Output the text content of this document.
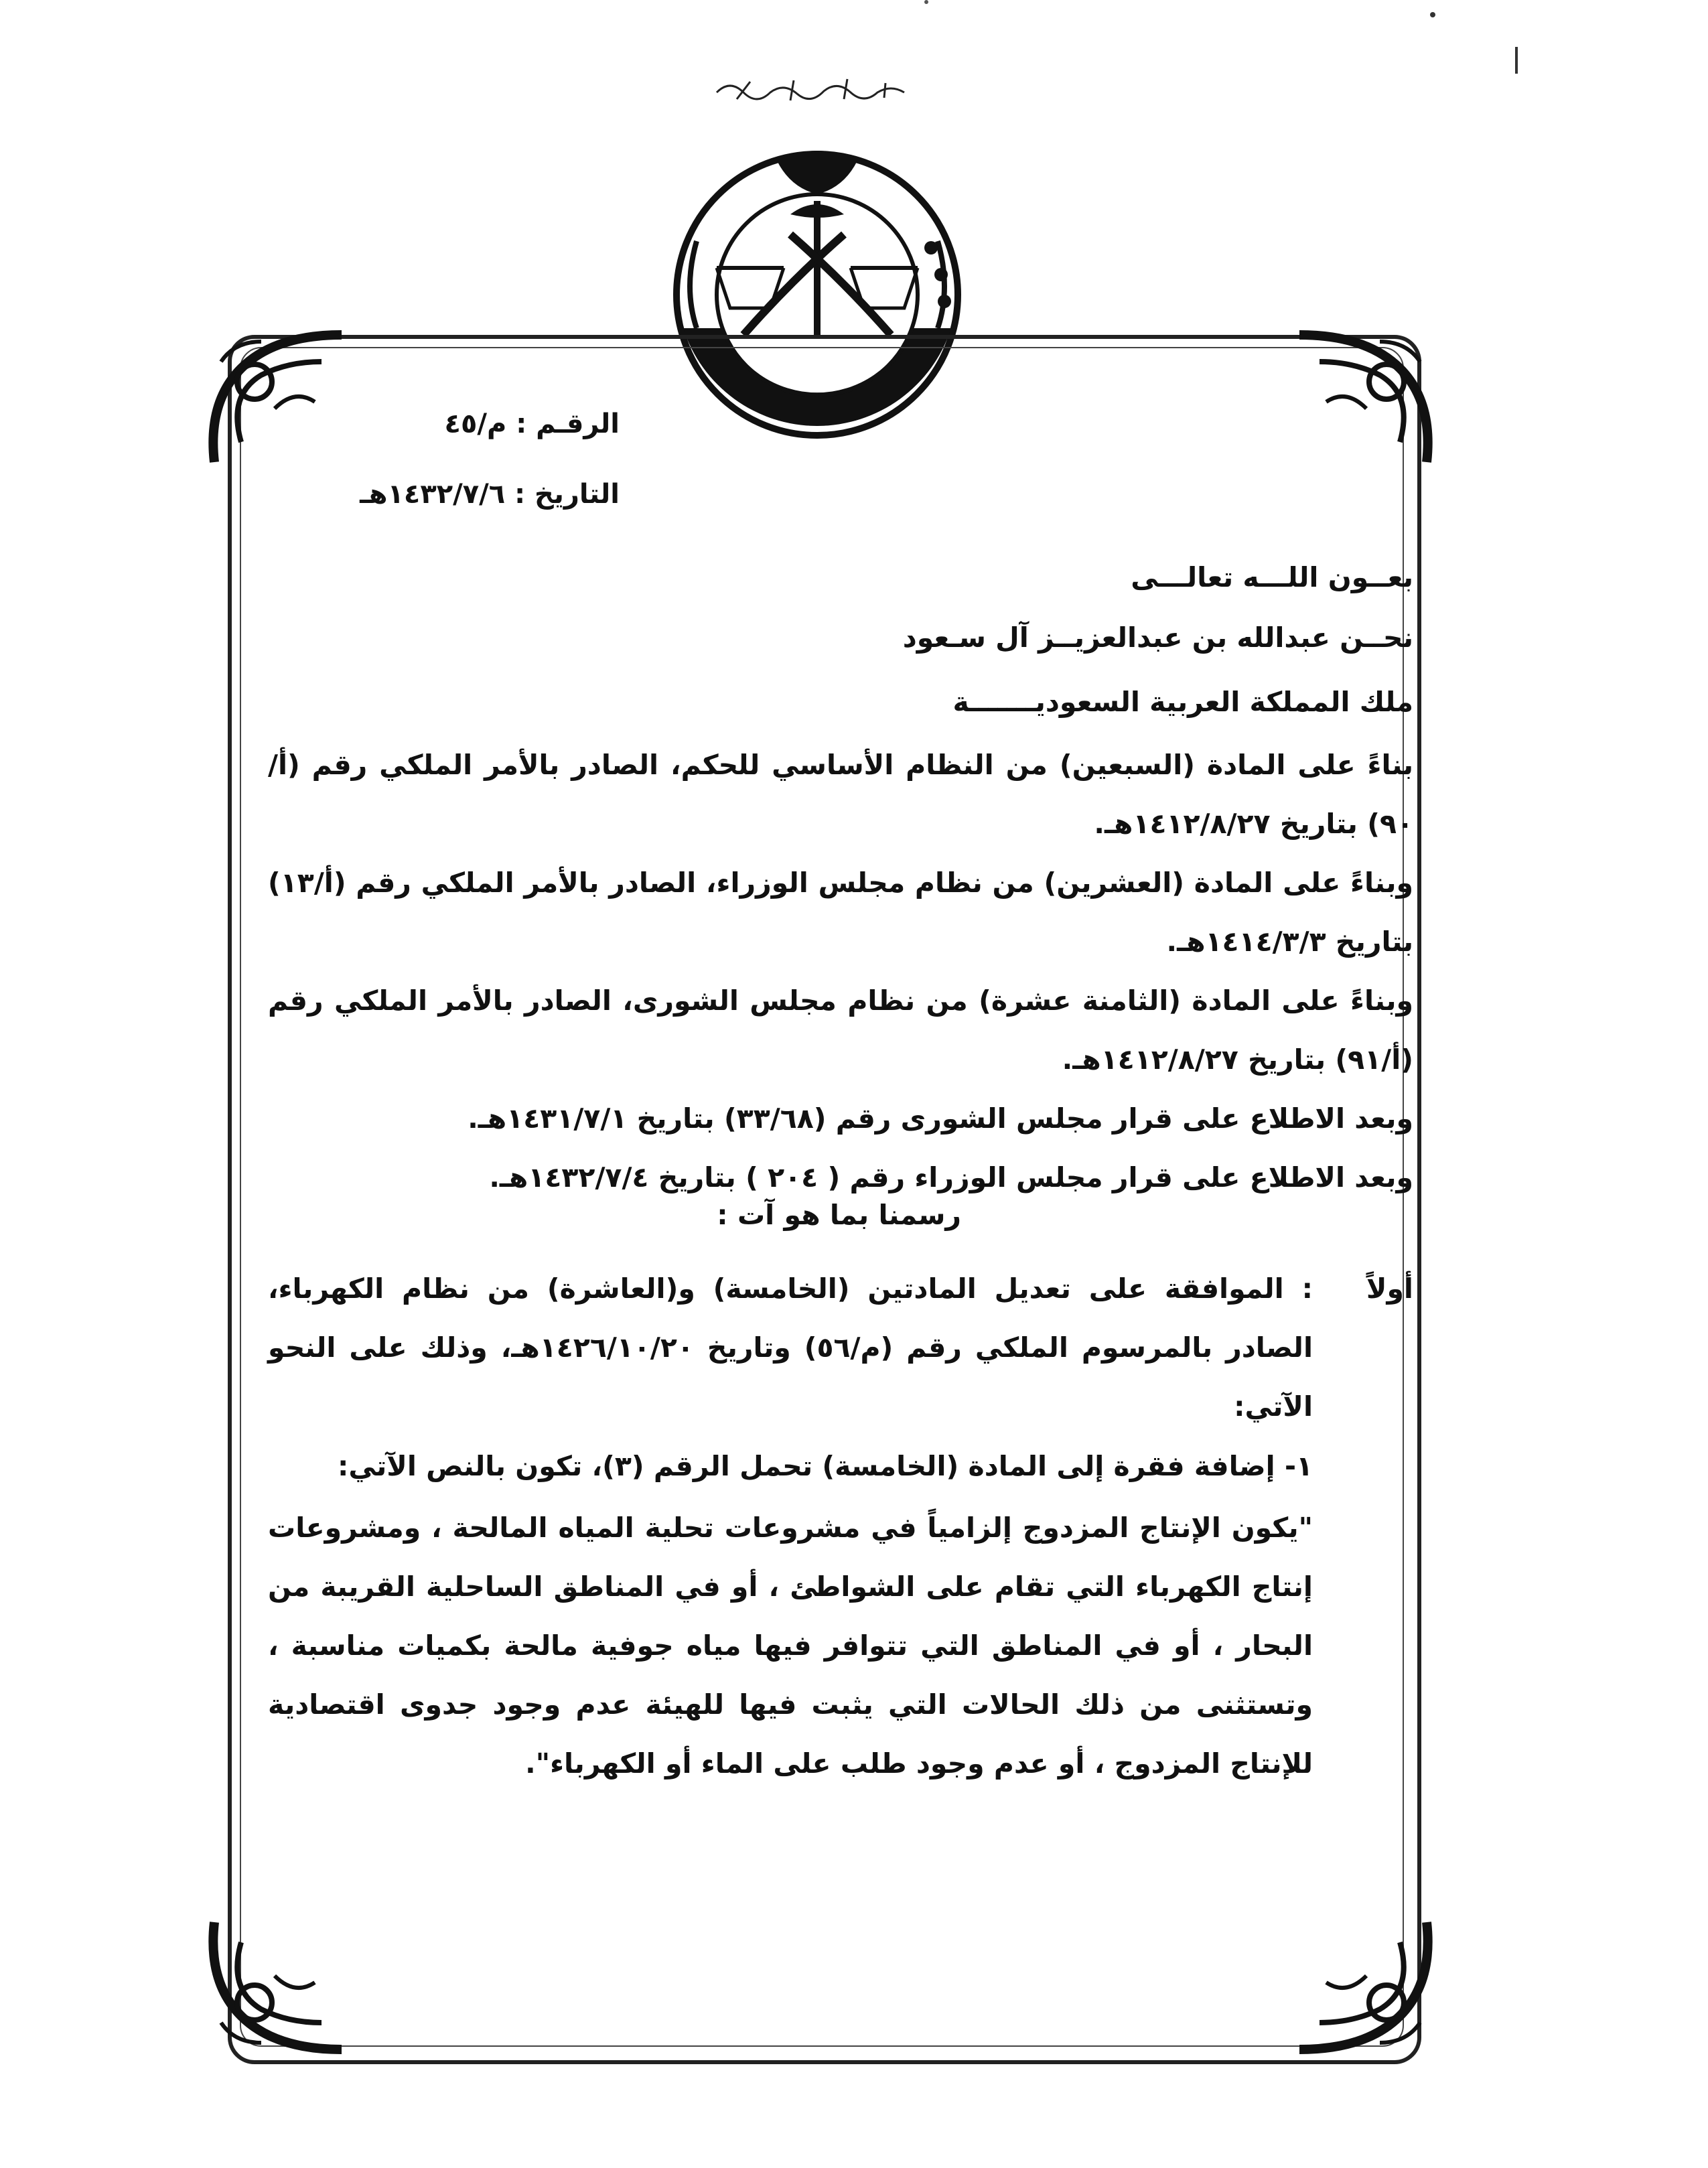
الرقـم : م/٤٥
التاريخ : ١٤٣٢/٧/٦هـ

بعــون اللـــه تعالـــى

نحــن عبدالله بن عبدالعزيــز آل سـعود

ملك المملكة العربية السعوديـــــــة

بناءً على المادة (السبعين) من النظام الأساسي للحكم، الصادر بالأمر الملكي رقم (أ/٩٠) بتاريخ ١٤١٢/٨/٢٧هـ.

وبناءً على المادة (العشرين) من نظام مجلس الوزراء، الصادر بالأمر الملكي رقم (أ/١٣) بتاريخ ١٤١٤/٣/٣هـ.

وبناءً على المادة (الثامنة عشرة) من نظام مجلس الشورى، الصادر بالأمر الملكي رقم (أ/٩١) بتاريخ ١٤١٢/٨/٢٧هـ.

وبعد الاطلاع على قرار مجلس الشورى رقم (٣٣/٦٨) بتاريخ ١٤٣١/٧/١هـ.

وبعد الاطلاع على قرار مجلس الوزراء رقم ( ٢٠٤ ) بتاريخ ١٤٣٢/٧/٤هـ.

رسمنا بما هو آت :
أولاً

: الموافقة على تعديل المادتين (الخامسة) و(العاشرة) من نظام الكهرباء، الصادر بالمرسوم الملكي رقم (م/٥٦) وتاريخ ١٤٢٦/١٠/٢٠هـ، وذلك على النحو الآتي:

١- إضافة فقرة إلى المادة (الخامسة) تحمل الرقم (٣)، تكون بالنص الآتي:

"يكون الإنتاج المزدوج إلزامياً في مشروعات تحلية المياه المالحة ، ومشروعات إنتاج الكهرباء التي تقام على الشواطئ ، أو في المناطق الساحلية القريبة من البحار ، أو في المناطق التي تتوافر فيها مياه جوفية مالحة بكميات مناسبة ، وتستثنى من ذلك الحالات التي يثبت فيها للهيئة عدم وجود جدوى اقتصادية للإنتاج المزدوج ، أو عدم وجود طلب على الماء أو الكهرباء".
